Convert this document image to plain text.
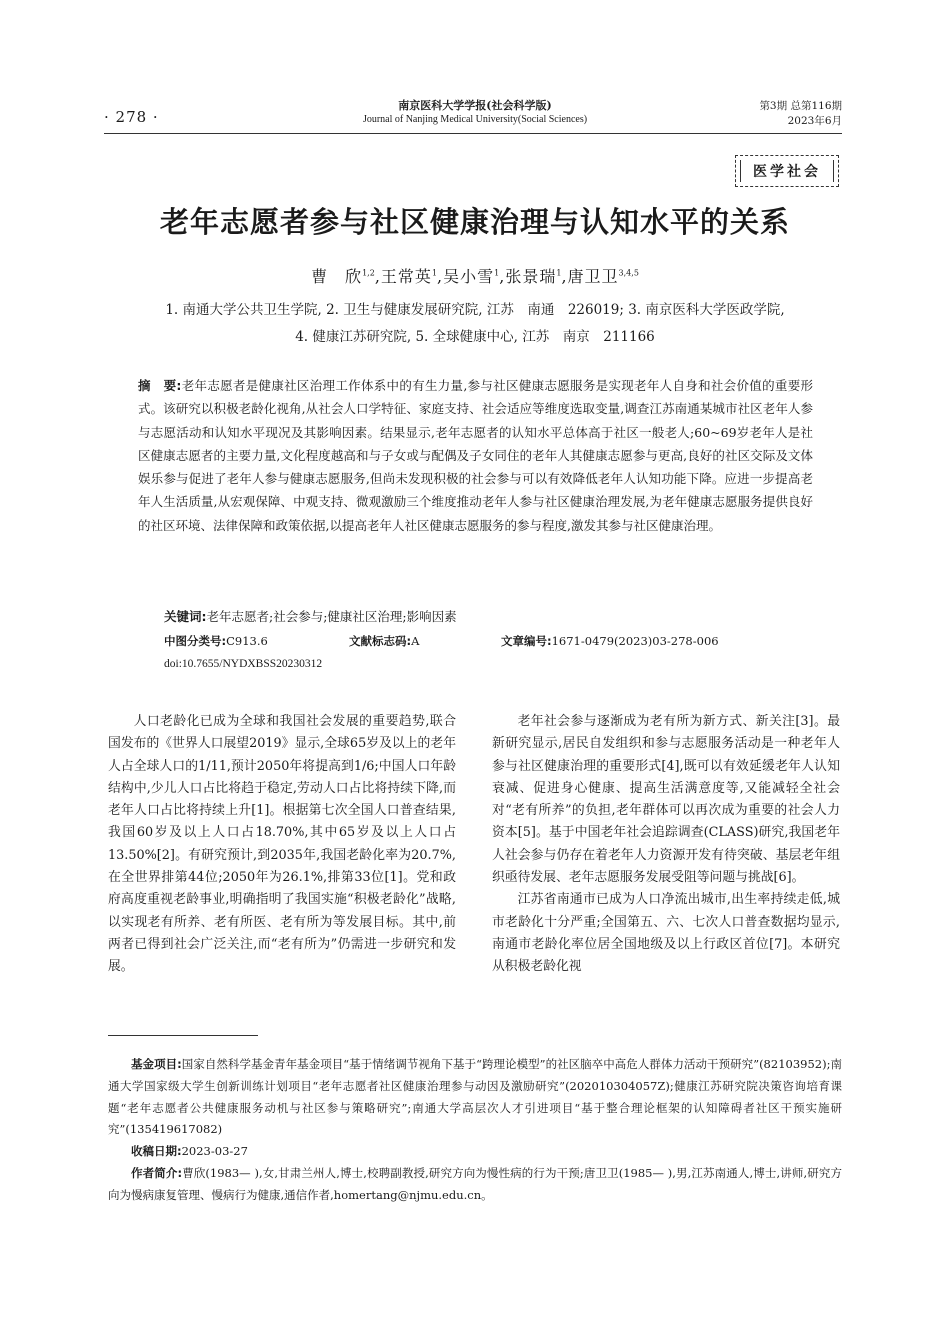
· 278 ·
南京医科大学学报(社会科学版)
Journal of Nanjing Medical University(Social Sciences)
第3期 总第116期
2023年6月
医学社会
老年志愿者参与社区健康治理与认知水平的关系
曹　欣$^{1,2}$,王常英$^1$,吴小雪$^1$,张景瑞$^1$,唐卫卫$^{3,4,5}$
1. 南通大学公共卫生学院, 2. 卫生与健康发展研究院, 江苏　南通　226019; 3. 南京医科大学医政学院,
4. 健康江苏研究院, 5. 全球健康中心, 江苏　南京　211166
摘　要:老年志愿者是健康社区治理工作体系中的有生力量,参与社区健康志愿服务是实现老年人自身和社会价值的重要形式。该研究以积极老龄化视角,从社会人口学特征、家庭支持、社会适应等维度选取变量,调查江苏南通某城市社区老年人参与志愿活动和认知水平现况及其影响因素。结果显示,老年志愿者的认知水平总体高于社区一般老人;60~69岁老年人是社区健康志愿者的主要力量,文化程度越高和与子女或与配偶及子女同住的老年人其健康志愿参与更高,良好的社区交际及文体娱乐参与促进了老年人参与健康志愿服务,但尚未发现积极的社会参与可以有效降低老年人认知功能下降。应进一步提高老年人生活质量,从宏观保障、中观支持、微观激励三个维度推动老年人参与社区健康治理发展,为老年健康志愿服务提供良好的社区环境、法律保障和政策依据,以提高老年人社区健康志愿服务的参与程度,激发其参与社区健康治理。
关键词:老年志愿者;社会参与;健康社区治理;影响因素
中图分类号:C913.6	文献标志码:A	文章编号:1671-0479(2023)03-278-006
doi:10.7655/NYDXBSS20230312

人口老龄化已成为全球和我国社会发展的重要趋势,联合国发布的《世界人口展望2019》显示,全球65岁及以上的老年人占全球人口的1/11,预计2050年将提高到1/6;中国人口年龄结构中,少儿人口占比将趋于稳定,劳动人口占比将持续下降,而老年人口占比将持续上升[1]。根据第七次全国人口普查结果,我国60岁及以上人口占18.70%,其中65岁及以上人口占13.50%[2]。有研究预计,到2035年,我国老龄化率为20.7%,在全世界排第44位;2050年为26.1%,排第33位[1]。党和政府高度重视老龄事业,明确指明了我国实施“积极老龄化”战略,以实现老有所养、老有所医、老有所为等发展目标。其中,前两者已得到社会广泛关注,而“老有所为”仍需进一步研究和发展。

老年社会参与逐渐成为老有所为新方式、新关注[3]。最新研究显示,居民自发组织和参与志愿服务活动是一种老年人参与社区健康治理的重要形式[4],既可以有效延缓老年人认知衰减、促进身心健康、提高生活满意度等,又能减轻全社会对“老有所养”的负担,老年群体可以再次成为重要的社会人力资本[5]。基于中国老年社会追踪调查(CLASS)研究,我国老年人社会参与仍存在着老年人力资源开发有待突破、基层老年组织亟待发展、老年志愿服务发展受阻等问题与挑战[6]。

江苏省南通市已成为人口净流出城市,出生率持续走低,城市老龄化十分严重;全国第五、六、七次人口普查数据均显示,南通市老龄化率位居全国地级及以上行政区首位[7]。本研究从积极老龄化视

基金项目:国家自然科学基金青年基金项目“基于情绪调节视角下基于“跨理论模型”的社区脑卒中高危人群体力活动干预研究”(82103952);南通大学国家级大学生创新训练计划项目“老年志愿者社区健康治理参与动因及激励研究”(202010304057Z);健康江苏研究院决策咨询培育课题“老年志愿者公共健康服务动机与社区参与策略研究”;南通大学高层次人才引进项目“基于整合理论框架的认知障碍者社区干预实施研究”(135419617082)

收稿日期:2023-03-27

作者简介:曹欣(1983— ),女,甘肃兰州人,博士,校聘副教授,研究方向为慢性病的行为干预;唐卫卫(1985— ),男,江苏南通人,博士,讲师,研究方向为慢病康复管理、慢病行为健康,通信作者,homertang@njmu.edu.cn。
